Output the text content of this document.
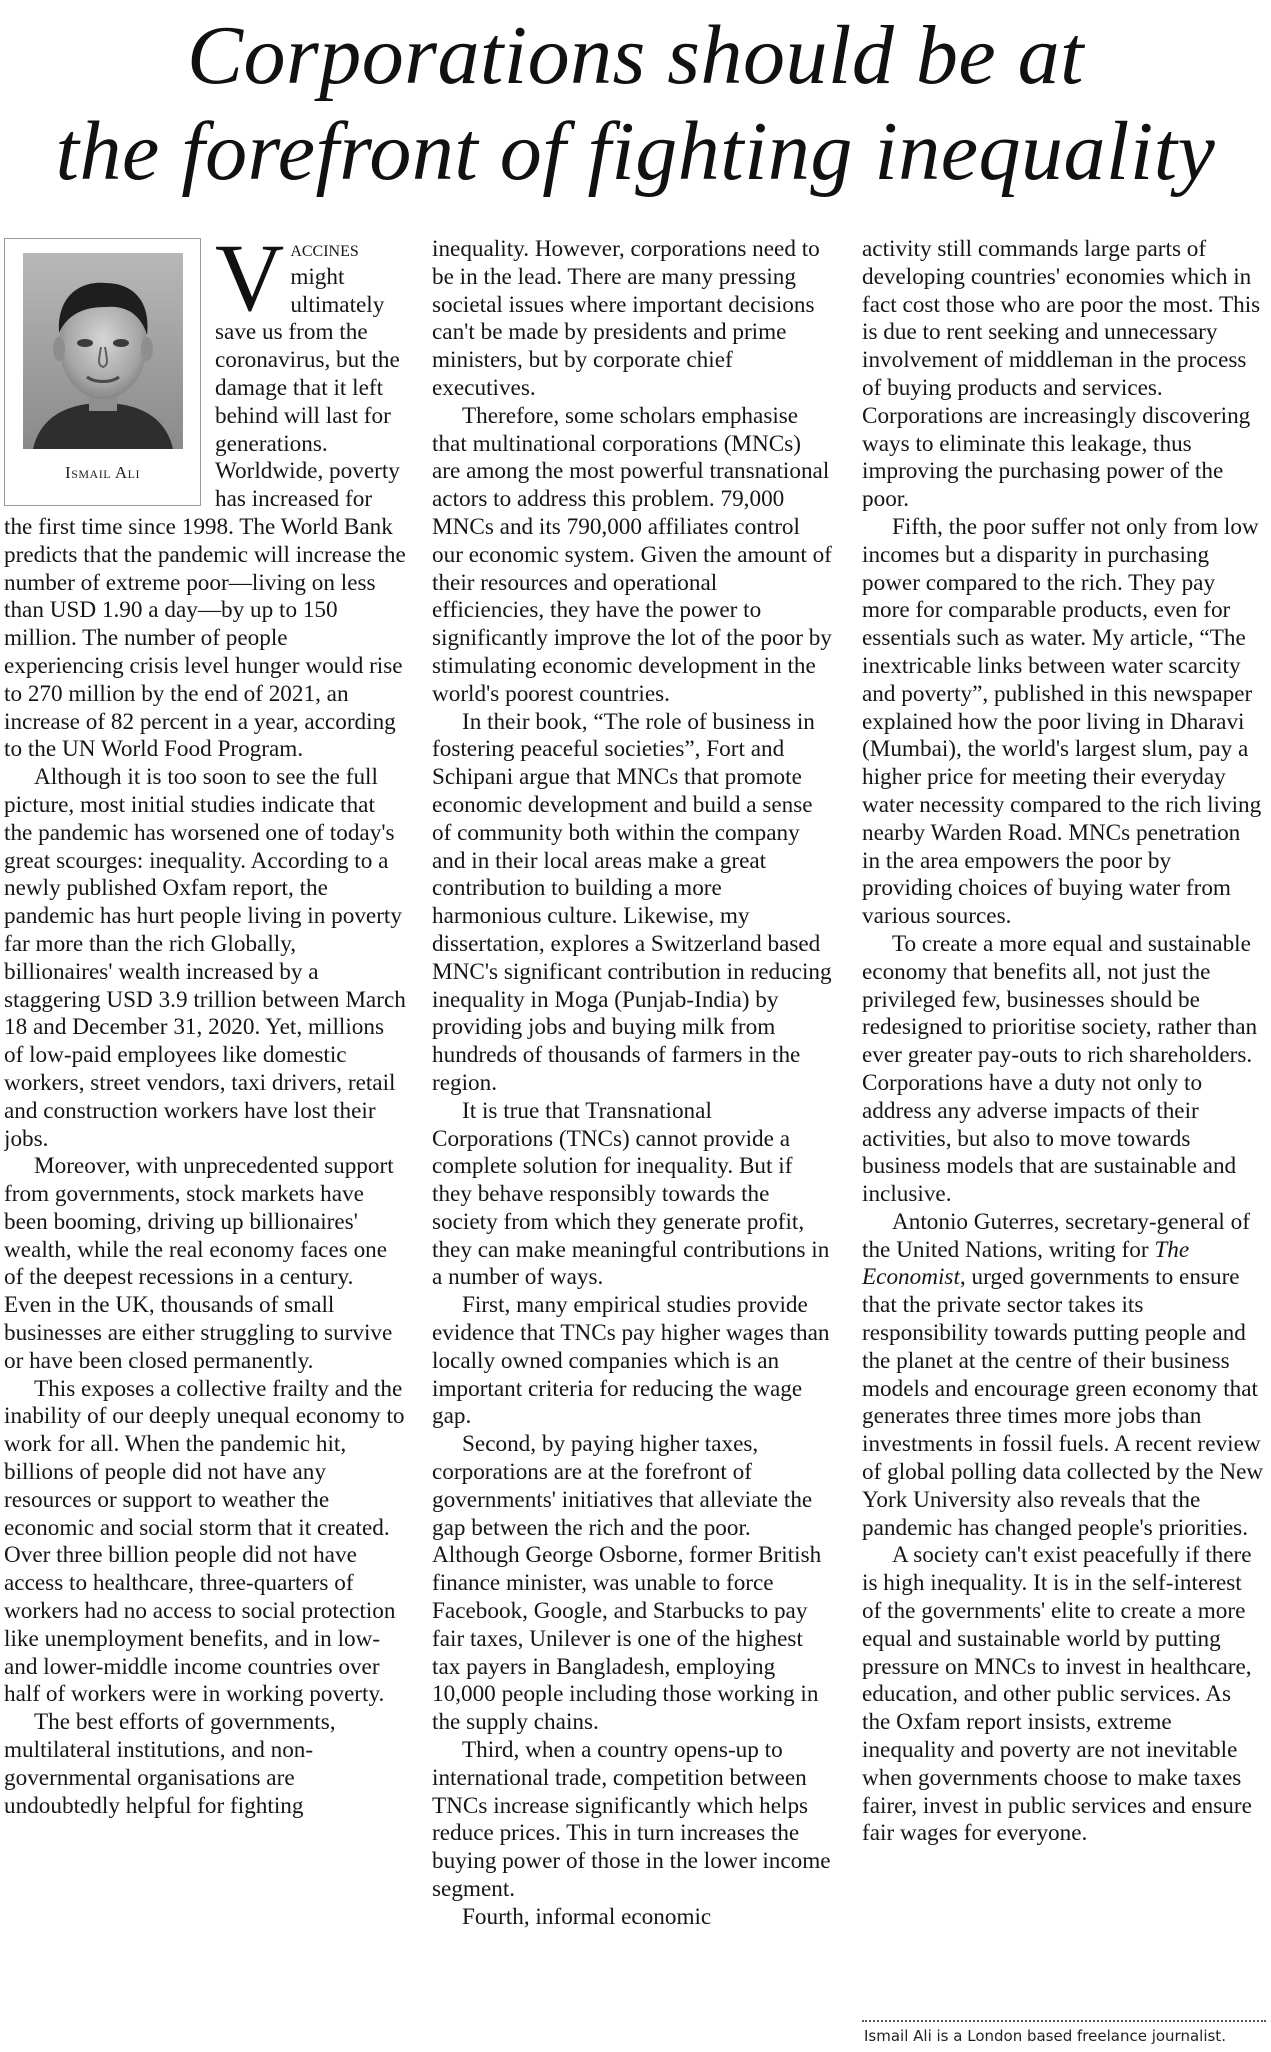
Corporations should be at
the forefront of fighting inequality
Ismail Ali

Vaccines might ultimately save us from the coronavirus, but the damage that it left behind will last for generations. Worldwide, poverty has increased for the first time since 1998. The World Bank predicts that the pandemic will increase the number of extreme poor—living on less than USD 1.90 a day—by up to 150 million. The number of people experiencing crisis level hunger would rise to 270 million by the end of 2021, an increase of 82 percent in a year, according to the UN World Food Program.

Although it is too soon to see the full picture, most initial studies indicate that the pandemic has worsened one of today's great scourges: inequality. According to a newly published Oxfam report, the pandemic has hurt people living in poverty far more than the rich Globally, billionaires' wealth increased by a staggering USD 3.9 trillion between March 18 and December 31, 2020. Yet, millions of low-paid employees like domestic workers, street vendors, taxi drivers, retail and construction workers have lost their jobs.

Moreover, with unprecedented support from governments, stock markets have been booming, driving up billionaires' wealth, while the real economy faces one of the deepest recessions in a century. Even in the UK, thousands of small businesses are either struggling to survive or have been closed permanently.

This exposes a collective frailty and the inability of our deeply unequal economy to work for all. When the pandemic hit, billions of people did not have any resources or support to weather the economic and social storm that it created. Over three billion people did not have access to healthcare, three-quarters of workers had no access to social protection like unemployment benefits, and in low- and lower-middle income countries over half of workers were in working poverty.

The best efforts of governments, multilateral institutions, and non-governmental organisations are undoubtedly helpful for fighting

inequality. However, corporations need to be in the lead. There are many pressing societal issues where important decisions can't be made by presidents and prime ministers, but by corporate chief executives.

Therefore, some scholars emphasise that multinational corporations (MNCs) are among the most powerful transnational actors to address this problem. 79,000 MNCs and its 790,000 affiliates control our economic system. Given the amount of their resources and operational efficiencies, they have the power to significantly improve the lot of the poor by stimulating economic development in the world's poorest countries.

In their book, “The role of business in fostering peaceful societies”, Fort and Schipani argue that MNCs that promote economic development and build a sense of community both within the company and in their local areas make a great contribution to building a more harmonious culture. Likewise, my dissertation, explores a Switzerland based MNC's significant contribution in reducing inequality in Moga (Punjab-India) by providing jobs and buying milk from hundreds of thousands of farmers in the region.

It is true that Transnational Corporations (TNCs) cannot provide a complete solution for inequality. But if they behave responsibly towards the society from which they generate profit, they can make meaningful contributions in a number of ways.

First, many empirical studies provide evidence that TNCs pay higher wages than locally owned companies which is an important criteria for reducing the wage gap.

Second, by paying higher taxes, corporations are at the forefront of governments' initiatives that alleviate the gap between the rich and the poor. Although George Osborne, former British finance minister, was unable to force Facebook, Google, and Starbucks to pay fair taxes, Unilever is one of the highest tax payers in Bangladesh, employing 10,000 people including those working in the supply chains.

Third, when a country opens-up to international trade, competition between TNCs increase significantly which helps reduce prices. This in turn increases the buying power of those in the lower income segment.

Fourth, informal economic

activity still commands large parts of developing countries' economies which in fact cost those who are poor the most. This is due to rent seeking and unnecessary involvement of middleman in the process of buying products and services. Corporations are increasingly discovering ways to eliminate this leakage, thus improving the purchasing power of the poor.

Fifth, the poor suffer not only from low incomes but a disparity in purchasing power compared to the rich. They pay more for comparable products, even for essentials such as water. My article, “The inextricable links between water scarcity and poverty”, published in this newspaper explained how the poor living in Dharavi (Mumbai), the world's largest slum, pay a higher price for meeting their everyday water necessity compared to the rich living nearby Warden Road. MNCs penetration in the area empowers the poor by providing choices of buying water from various sources.

To create a more equal and sustainable economy that benefits all, not just the privileged few, businesses should be redesigned to prioritise society, rather than ever greater pay-outs to rich shareholders. Corporations have a duty not only to address any adverse impacts of their activities, but also to move towards business models that are sustainable and inclusive.

Antonio Guterres, secretary-general of the United Nations, writing for The Economist, urged governments to ensure that the private sector takes its responsibility towards putting people and the planet at the centre of their business models and encourage green economy that generates three times more jobs than investments in fossil fuels. A recent review of global polling data collected by the New York University also reveals that the pandemic has changed people's priorities.

A society can't exist peacefully if there is high inequality. It is in the self-interest of the governments' elite to create a more equal and sustainable world by putting pressure on MNCs to invest in healthcare, education, and other public services. As the Oxfam report insists, extreme inequality and poverty are not inevitable when governments choose to make taxes fairer, invest in public services and ensure fair wages for everyone.

Ismail Ali is a London based freelance journalist.
